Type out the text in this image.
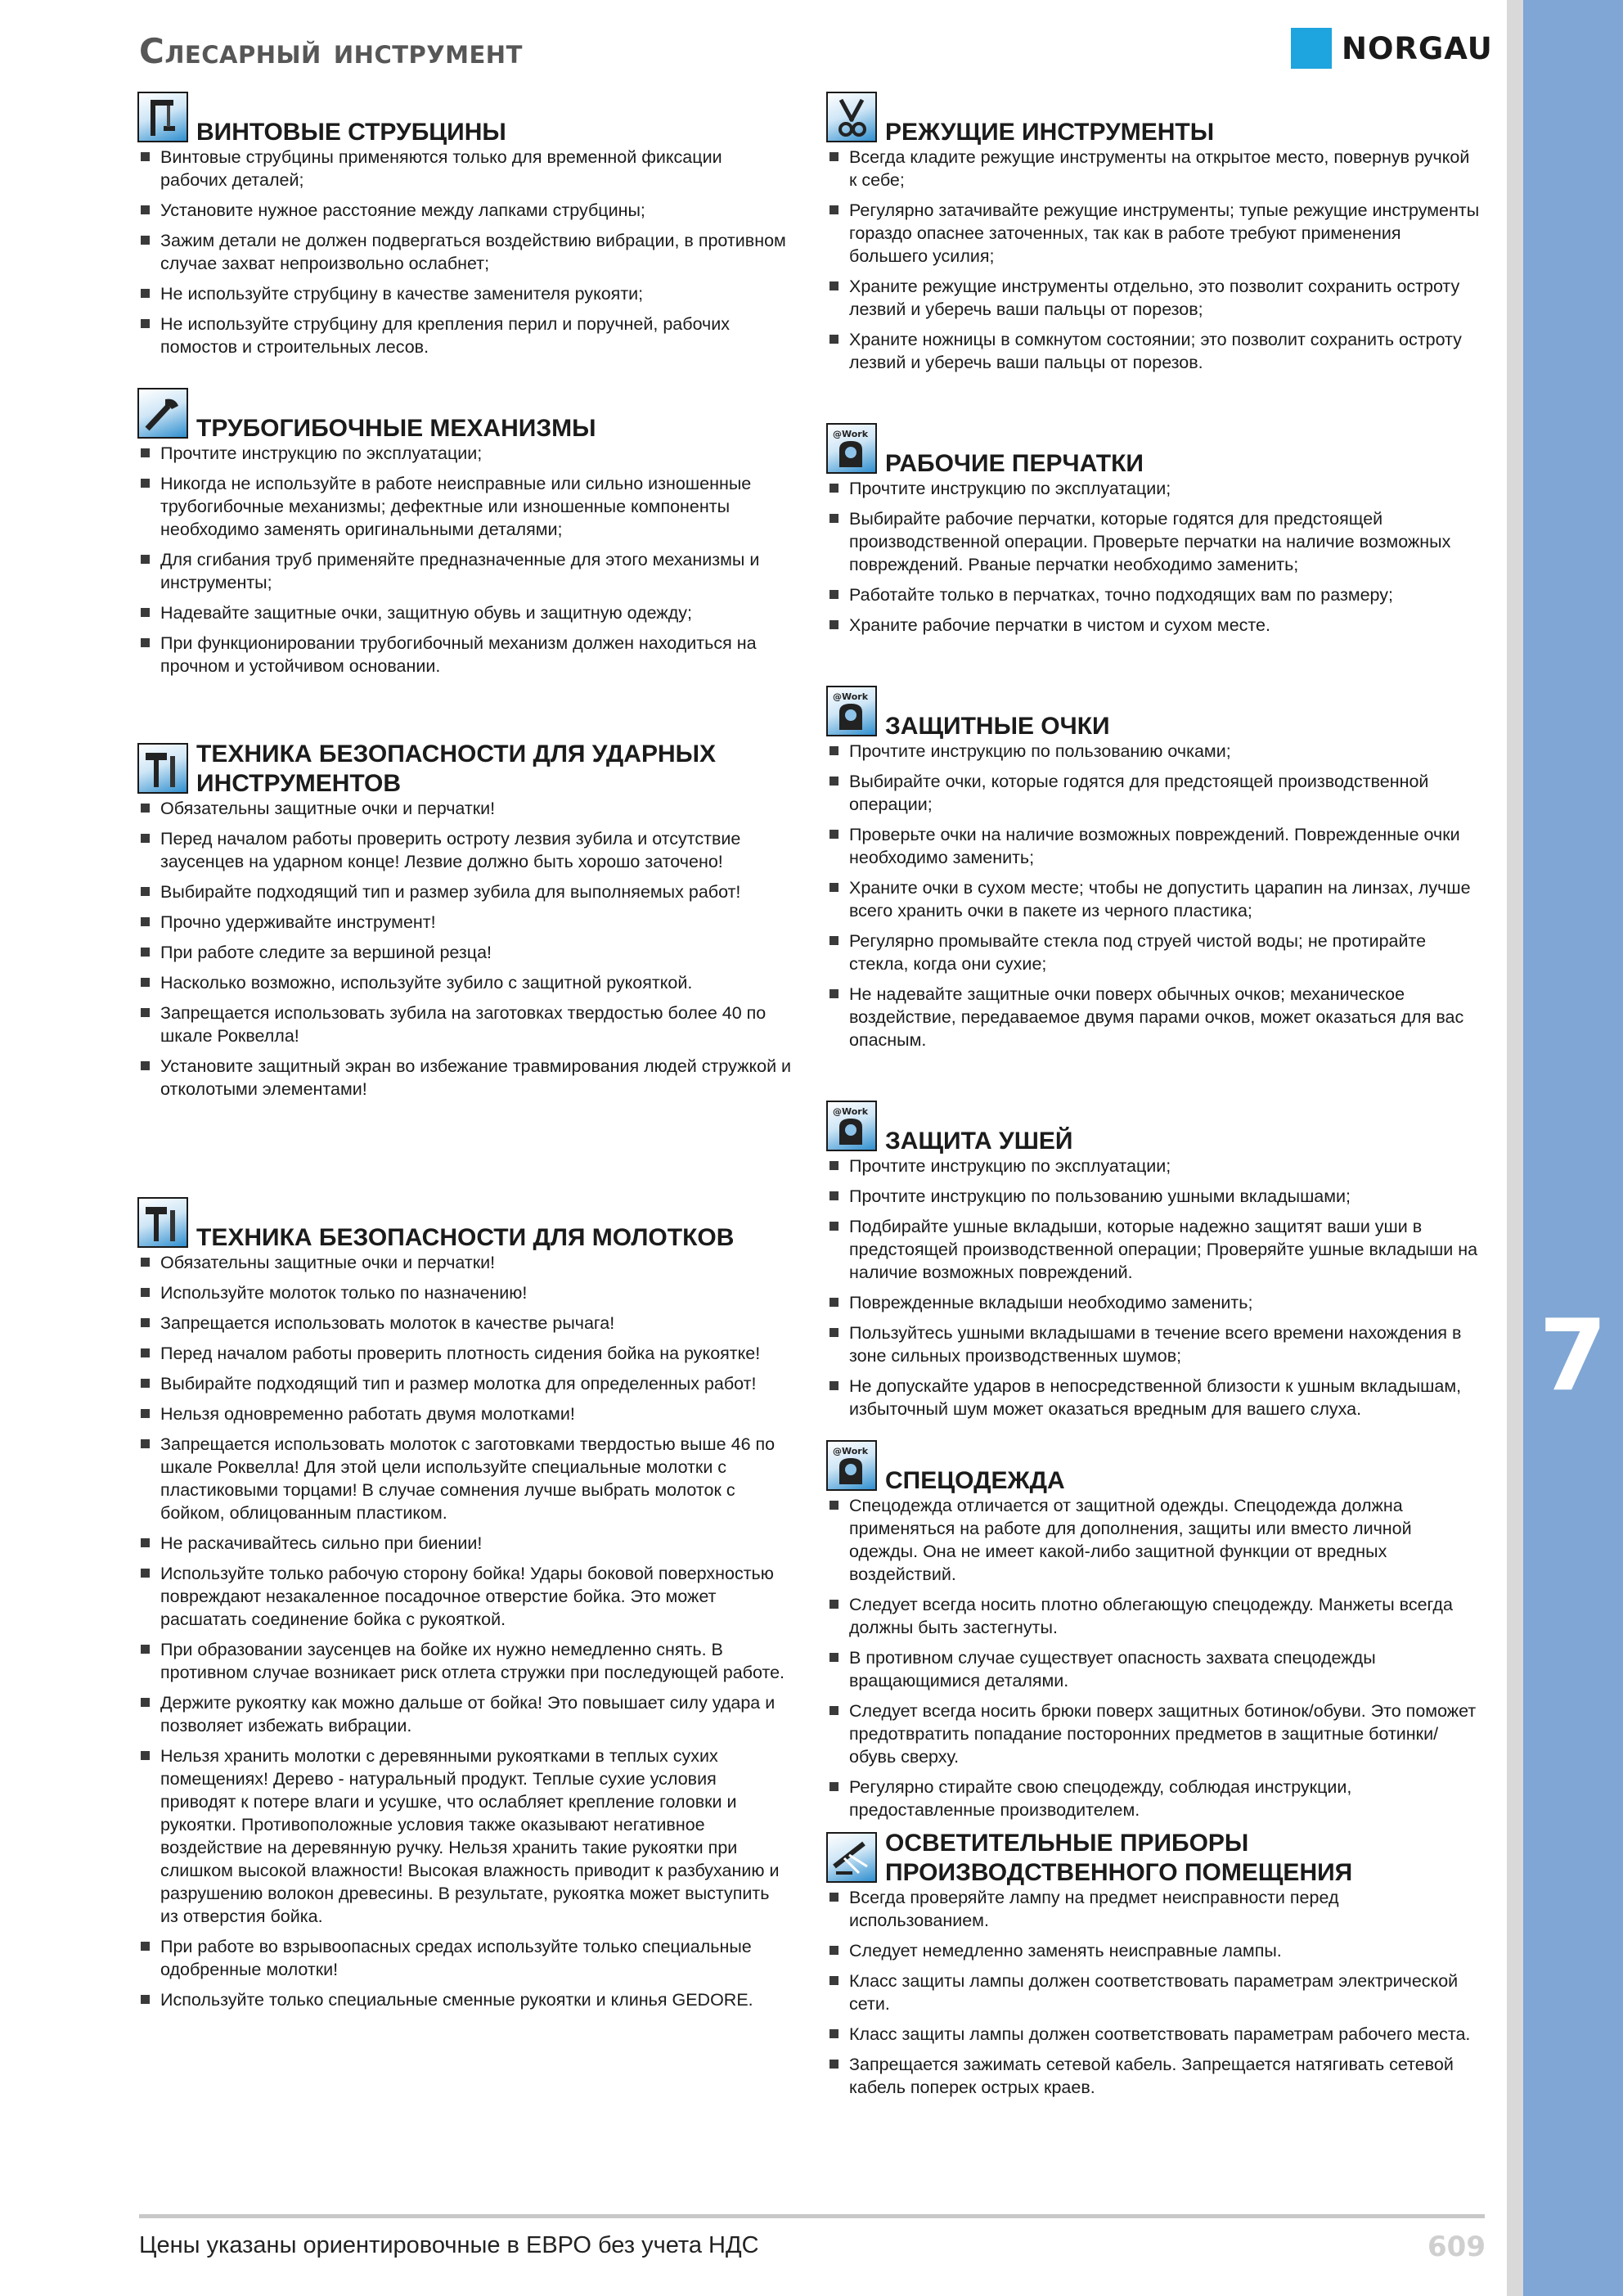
Слесарный инструмент	NORGAU
7
ВИНТОВЫЕ СТРУБЦИНЫ
Винтовые струбцины применяются только для временной фиксации рабочих деталей;
Установите нужное расстояние между лапками струбцины;
Зажим детали не должен подвергаться воздействию вибрации, в противном случае захват непроизвольно ослабнет;
Не используйте струбцину в качестве заменителя рукояти;
Не используйте струбцину для крепления перил и поручней, рабочих помостов и строительных лесов.
ТРУБОГИБОЧНЫЕ МЕХАНИЗМЫ
Прочтите инструкцию по эксплуатации;
Никогда не используйте в работе неисправные или сильно изношенные трубогибочные механизмы; дефектные или изношенные компоненты необходимо заменять оригинальными деталями;
Для сгибания труб применяйте предназначенные для этого механизмы и инструменты;
Надевайте защитные очки, защитную обувь и защитную одежду;
При функционировании трубогибочный механизм должен находиться на прочном и устойчивом основании.
ТЕХНИКА БЕЗОПАСНОСТИ ДЛЯ УДАРНЫХ ИНСТРУМЕНТОВ
Обязательны защитные очки и перчатки!
Перед началом работы проверить остроту лезвия зубила и отсутствие заусенцев на ударном конце! Лезвие должно быть хорошо заточено!
Выбирайте подходящий тип и размер зубила для выполняемых работ!
Прочно удерживайте инструмент!
При работе следите за вершиной резца!
Насколько возможно, используйте зубило с защитной рукояткой.
Запрещается использовать зубила на заготовках твердостью более 40 по шкале Роквелла!
Установите защитный экран во избежание травмирования людей стружкой и отколотыми элементами!
ТЕХНИКА БЕЗОПАСНОСТИ ДЛЯ МОЛОТКОВ
Обязательны защитные очки и перчатки!
Используйте молоток только по назначению!
Запрещается использовать молоток в качестве рычага!
Перед началом работы проверить плотность сидения бойка на рукоятке!
Выбирайте подходящий тип и размер молотка для определенных работ!
Нельзя одновременно работать двумя молотками!
Запрещается использовать молоток с заготовками твердостью выше 46 по шкале Роквелла! Для этой цели используйте специальные молотки с пластиковыми торцами! В случае сомнения лучше выбрать молоток с бойком, облицованным пластиком.
Не раскачивайтесь сильно при биении!
Используйте только рабочую сторону бойка! Удары боковой поверхностью повреждают незакаленное посадочное отверстие бойка. Это может расшатать соединение бойка с рукояткой.
При образовании заусенцев на бойке их нужно немедленно снять. В противном случае возникает риск отлета стружки при последующей работе.
Держите рукоятку как можно дальше от бойка! Это повышает силу удара и позволяет избежать вибрации.
Нельзя хранить молотки с деревянными рукоятками в теплых сухих помещениях! Дерево - натуральный продукт. Теплые сухие условия приводят к потере влаги и усушке, что ослабляет крепление головки и рукоятки. Противоположные условия также оказывают негативное воздействие на деревянную ручку. Нельзя хранить такие рукоятки при слишком высокой влажности! Высокая влажность приводит к разбуханию и разрушению волокон древесины. В результате, рукоятка может выступить из отверстия бойка.
При работе во взрывоопасных средах используйте только специальные одобренные молотки!
Используйте только специальные сменные рукоятки и клинья GEDORE.
РЕЖУЩИЕ ИНСТРУМЕНТЫ
Всегда кладите режущие инструменты на открытое место, повернув ручкой к себе;
Регулярно затачивайте режущие инструменты; тупые режущие инструменты гораздо опаснее заточенных, так как в работе требуют применения большего усилия;
Храните режущие инструменты отдельно, это позволит сохранить остроту лезвий и уберечь ваши пальцы от порезов;
Храните ножницы в сомкнутом состоянии; это позволит сохранить остроту лезвий и уберечь ваши пальцы от порезов.
@Work
РАБОЧИЕ ПЕРЧАТКИ
Прочтите инструкцию по эксплуатации;
Выбирайте рабочие перчатки, которые годятся для предстоящей производственной операции. Проверьте перчатки на наличие возможных повреждений. Рваные перчатки необходимо заменить;
Работайте только в перчатках, точно подходящих вам по размеру;
Храните рабочие перчатки в чистом и сухом месте.
@Work
ЗАЩИТНЫЕ ОЧКИ
Прочтите инструкцию по пользованию очками;
Выбирайте очки, которые годятся для предстоящей производственной операции;
Проверьте очки на наличие возможных повреждений. Поврежденные очки необходимо заменить;
Храните очки в сухом месте; чтобы не допустить царапин на линзах, лучше всего хранить очки в пакете из черного пластика;
Регулярно промывайте стекла под струей чистой воды; не протирайте стекла, когда они сухие;
Не надевайте защитные очки поверх обычных очков; механическое воздействие, передаваемое двумя парами очков, может оказаться для вас опасным.
@Work
ЗАЩИТА УШЕЙ
Прочтите инструкцию по эксплуатации;
Прочтите инструкцию по пользованию ушными вкладышами;
Подбирайте ушные вкладыши, которые надежно защитят ваши уши в предстоящей производственной операции; Проверяйте ушные вкладыши на наличие возможных повреждений.
Поврежденные вкладыши необходимо заменить;
Пользуйтесь ушными вкладышами в течение всего времени нахождения в зоне сильных производственных шумов;
Не допускайте ударов в непосредственной близости к ушным вкладышам, избыточный шум может оказаться вредным для вашего слуха.
@Work
СПЕЦОДЕЖДА
Спецодежда отличается от защитной одежды. Спецодежда должна применяться на работе для дополнения, защиты или вместо личной одежды. Она не имеет какой-либо защитной функции от вредных воздействий.
Следует всегда носить плотно облегающую спецодежду. Манжеты всегда должны быть застегнуты.
В противном случае существует опасность захвата спецодежды вращающимися деталями.
Следует всегда носить брюки поверх защитных ботинок/обуви. Это поможет предотвратить попадание посторонних предметов в защитные ботинки/обувь сверху.
Регулярно стирайте свою спецодежду, соблюдая инструкции, предоставленные производителем.
ОСВЕТИТЕЛЬНЫЕ ПРИБОРЫ ПРОИЗВОДСТВЕННОГО ПОМЕЩЕНИЯ
Всегда проверяйте лампу на предмет неисправности перед использованием.
Следует немедленно заменять неисправные лампы.
Класс защиты лампы должен соответствовать параметрам электрической сети.
Класс защиты лампы должен соответствовать параметрам рабочего места.
Запрещается зажимать сетевой кабель. Запрещается натягивать сетевой кабель поперек острых краев.
Цены указаны ориентировочные в ЕВРО без учета НДС	609
